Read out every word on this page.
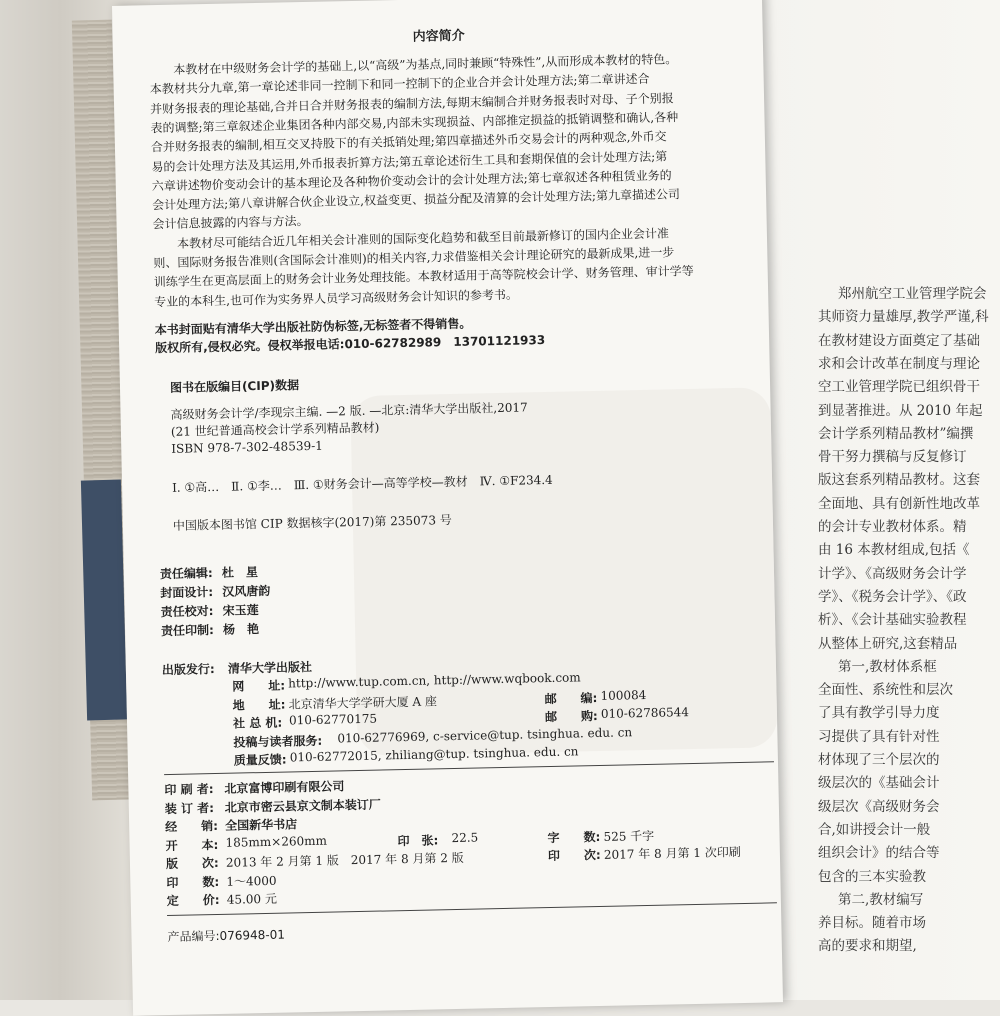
郑州航空工业管理学院会
其师资力量雄厚,教学严谨,科
在教材建设方面奠定了基础
求和会计改革在制度与理论
空工业管理学院已组织骨干
到显著推进。从 2010 年起
会计学系列精品教材”编撰
骨干努力撰稿与反复修订
版这套系列精品教材。这套
全面地、具有创新性地改革
的会计专业教材体系。精
由 16 本教材组成,包括《
计学》、《高级财务会计学
学》、《税务会计学》、《政
析》、《会计基础实验教程
从整体上研究,这套精品
第一,教材体系框
全面性、系统性和层次
了具有教学引导力度
习提供了具有针对性
材体现了三个层次的
级层次的《基础会计
级层次《高级财务会
合,如讲授会计一般
组织会计》的结合等
包含的三本实验教
第二,教材编写
养目标。随着市场
高的要求和期望,
内容简介
本教材在中级财务会计学的基础上,以“高级”为基点,同时兼顾“特殊性”,从而形成本教材的特色。
本教材共分九章,第一章论述非同一控制下和同一控制下的企业合并会计处理方法;第二章讲述合
并财务报表的理论基础,合并日合并财务报表的编制方法,每期末编制合并财务报表时对母、子个别报
表的调整;第三章叙述企业集团各种内部交易,内部未实现损益、内部推定损益的抵销调整和确认,各种
合并财务报表的编制,相互交叉持股下的有关抵销处理;第四章描述外币交易会计的两种观念,外币交
易的会计处理方法及其运用,外币报表折算方法;第五章论述衍生工具和套期保值的会计处理方法;第
六章讲述物价变动会计的基本理论及各种物价变动会计的会计处理方法;第七章叙述各种租赁业务的
会计处理方法;第八章讲解合伙企业设立,权益变更、损益分配及清算的会计处理方法;第九章描述公司
会计信息披露的内容与方法。
本教材尽可能结合近几年相关会计准则的国际变化趋势和截至目前最新修订的国内企业会计准
则、国际财务报告准则(含国际会计准则)的相关内容,力求借鉴相关会计理论研究的最新成果,进一步
训练学生在更高层面上的财务会计业务处理技能。本教材适用于高等院校会计学、财务管理、审计学等
专业的本科生,也可作为实务界人员学习高级财务会计知识的参考书。
本书封面贴有清华大学出版社防伪标签,无标签者不得销售。
版权所有,侵权必究。侵权举报电话:010-62782989　13701121933
图书在版编目(CIP)数据
高级财务会计学/李现宗主编. —2 版. —北京:清华大学出版社,2017
(21 世纪普通高校会计学系列精品教材)
ISBN 978-7-302-48539-1
Ⅰ. ①高…　Ⅱ. ①李…　Ⅲ. ①财务会计—高等学校—教材　Ⅳ. ①F234.4
中国版本图书馆 CIP 数据核字(2017)第 235073 号
责任编辑: 杜　星
封面设计: 汉风唐韵
责任校对: 宋玉莲
责任印制: 杨　艳
出版发行: 清华大学出版社
网　　址: http://www.tup.com.cn, http://www.wqbook.com
地　　址: 北京清华大学学研大厦 A 座	邮　　编: 100084
社 总 机: 010-62770175	邮　　购: 010-62786544
投稿与读者服务: 010-62776969, c-service@tup. tsinghua. edu. cn
质量反馈: 010-62772015, zhiliang@tup. tsinghua. edu. cn
印 刷 者: 北京富博印刷有限公司
装 订 者: 北京市密云县京文制本装订厂
经　　销: 全国新华书店
开　　本: 185mm×260mm	印　张: 22.5	字　　数: 525 千字
版　　次: 2013 年 2 月第 1 版　2017 年 8 月第 2 版	印　　次: 2017 年 8 月第 1 次印刷
印　　数: 1～4000
定　　价: 45.00 元
产品编号:076948-01
